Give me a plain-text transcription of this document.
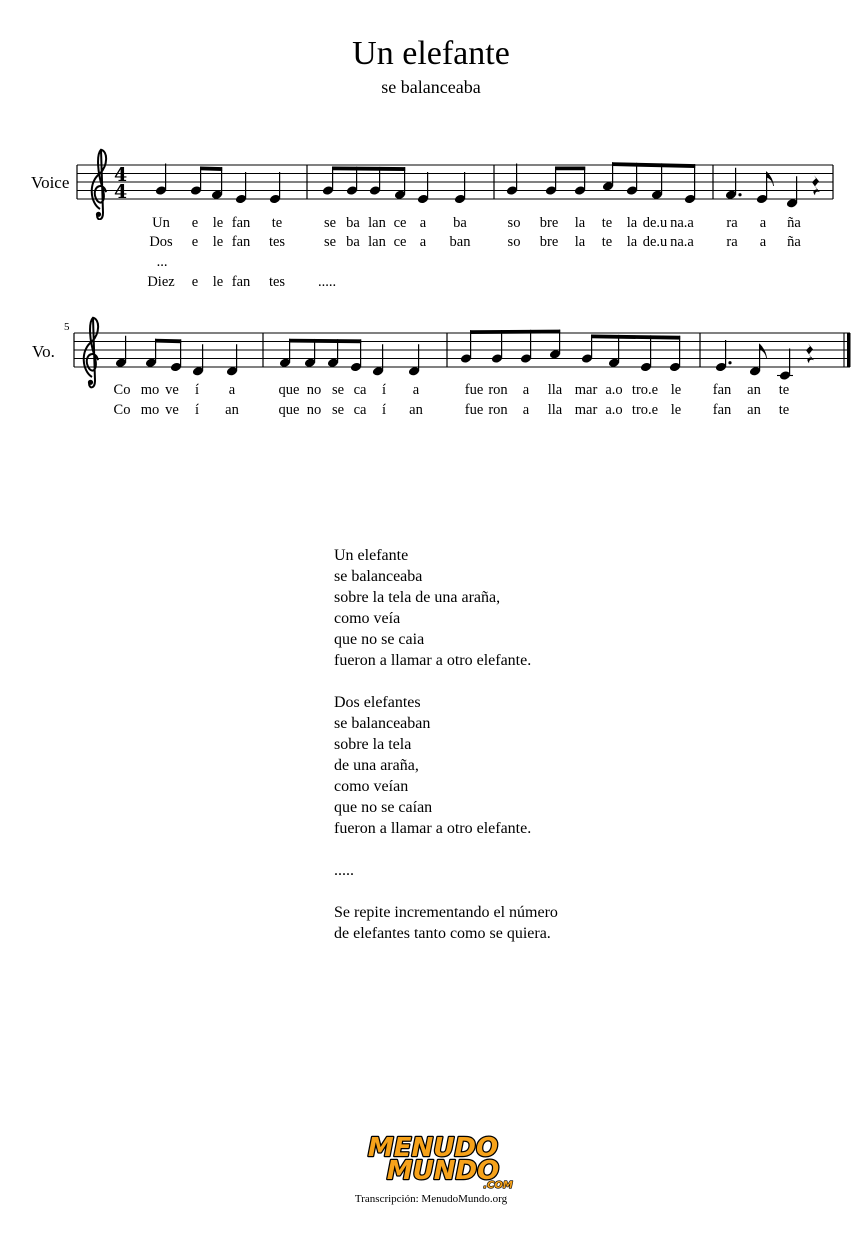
Un elefante
se balanceaba
Voice 4
4
Un e le fan te	se ba lan ce a ba	so bre la te la de.u na.a ra a ña
Dos e le fan tes	se ba lan ce a ban	so bre la te la de.u na.a ra a ña
...
Diez e le fan tes .....
5
Vo.
Co mo ve í a	que no se ca í a	fue ron a lla mar a.o tro.e le fan an te
Co mo ve í an	que no se ca í an	fue ron a lla mar a.o tro.e le fan an te
Un elefante
se balanceaba
sobre la tela de una araña,
como veía
que no se caia
fueron a llamar a otro elefante.
Dos elefantes
se balanceaban
sobre la tela
de una araña,
como veían
que no se caían
fueron a llamar a otro elefante.
.....
Se repite incrementando el número
de elefantes tanto como se quiera.
MENUDO
MUNDO
.COM
Transcripción: MenudoMundo.org
